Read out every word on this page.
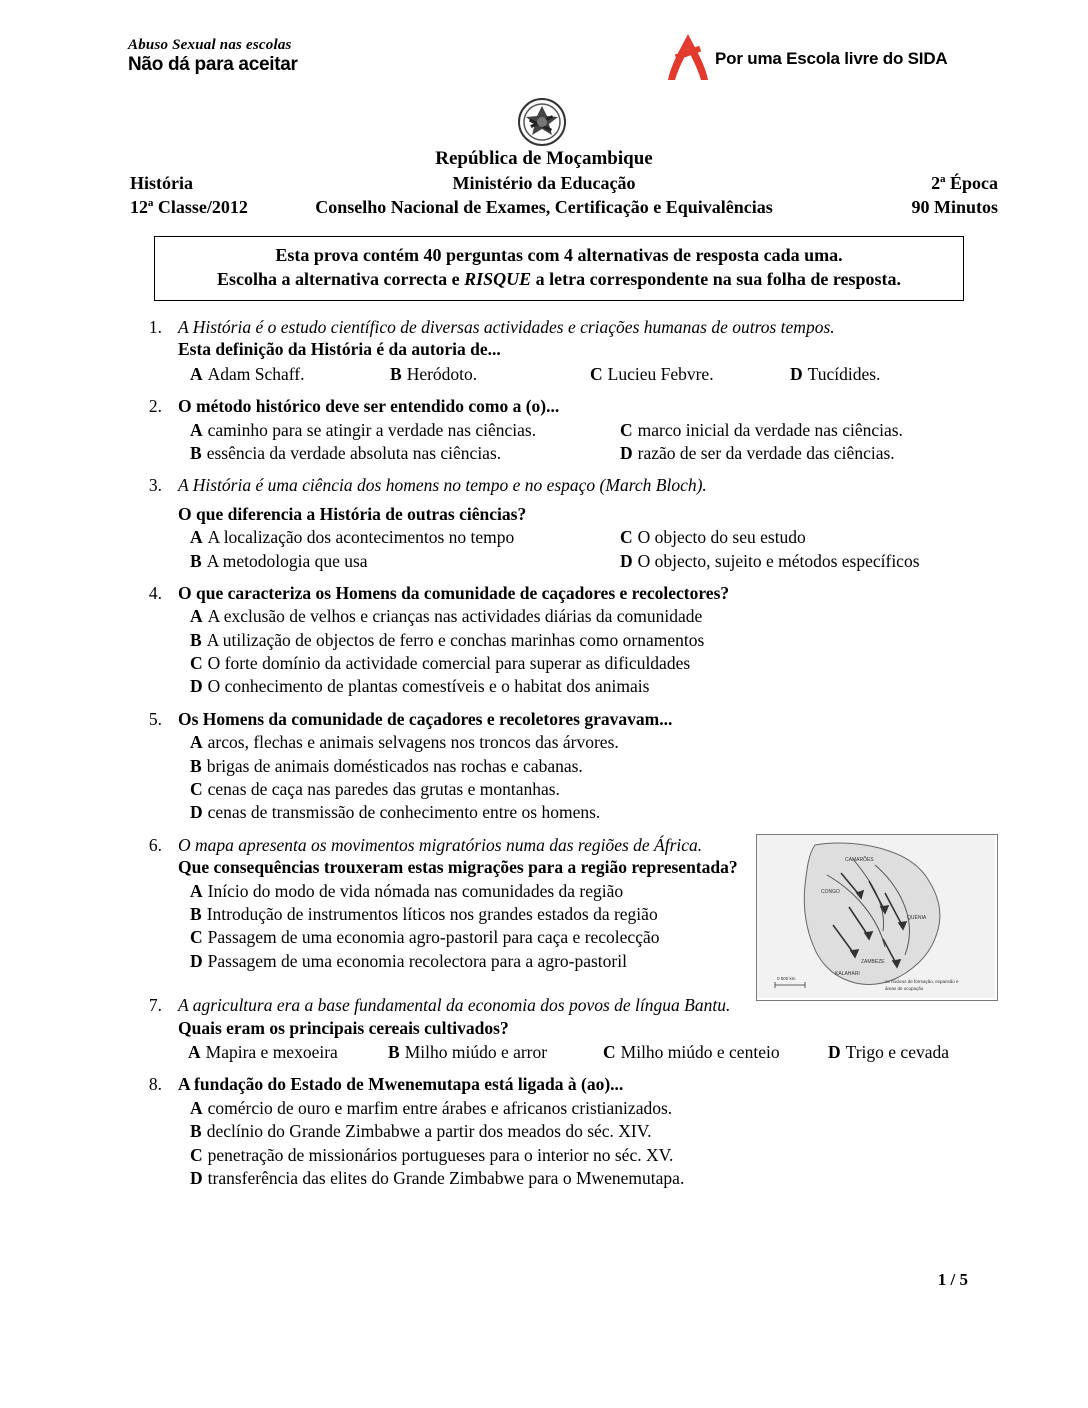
Abuso Sexual nas escolas
Não dá para aceitar	Por uma Escola livre do SIDA
República de Moçambique
História	Ministério da Educação	2ª Época
12ª Classe/2012	Conselho Nacional de Exames, Certificação e Equivalências	90 Minutos
Esta prova contém 40 perguntas com 4 alternativas de resposta cada uma.
Escolha a alternativa correcta e RISQUE a letra correspondente na sua folha de resposta.
1. A História é o estudo científico de diversas actividades e criações humanas de outros tempos.
Esta definição da História é da autoria de...
A Adam Schaff.	B Heródoto.	C Lucieu Febvre.	D Tucídides.
2. O método histórico deve ser entendido como a (o)...
A caminho para se atingir a verdade nas ciências.	C marco inicial da verdade nas ciências.
B essência da verdade absoluta nas ciências.	D razão de ser da verdade das ciências.
3. A História é uma ciência dos homens no tempo e no espaço (March Bloch).
O que diferencia a História de outras ciências?
A A localização dos acontecimentos no tempo	C O objecto do seu estudo
B A metodologia que usa	D O objecto, sujeito e métodos específicos
4. O que caracteriza os Homens da comunidade de caçadores e recolectores?
A A exclusão de velhos e crianças nas actividades diárias da comunidade
B A utilização de objectos de ferro e conchas marinhas como ornamentos
C O forte domínio da actividade comercial para superar as dificuldades
D O conhecimento de plantas comestíveis e o habitat dos animais
5. Os Homens da comunidade de caçadores e recoletores gravavam...
A arcos, flechas e animais selvagens nos troncos das árvores.
B brigas de animais domésticados nas rochas e cabanas.
C cenas de caça nas paredes das grutas e montanhas.
D cenas de transmissão de conhecimento entre os homens.
6. O mapa apresenta os movimentos migratórios numa das regiões de África.
Que consequências trouxeram estas migrações para a região representada?
A Início do modo de vida nómada nas comunidades da região
B Introdução de instrumentos líticos nos grandes estados da região
C Passagem de uma economia agro-pastoril para caça e recolecção
D Passagem de uma economia recolectora para a agro-pastoril
CAMARÕES
CONGO
QUÉNIA
ZAMBEZE
KALAHARI
os núcleos de formação, expansão e
áreas de ocupação
0 500 km
7. A agricultura era a base fundamental da economia dos povos de língua Bantu.
Quais eram os principais cereais cultivados?
A Mapira e mexoeira	B Milho miúdo e arror	C Milho miúdo e centeio	D Trigo e cevada
8. A fundação do Estado de Mwenemutapa está ligada à (ao)...
A comércio de ouro e marfim entre árabes e africanos cristianizados.
B declínio do Grande Zimbabwe a partir dos meados do séc. XIV.
C penetração de missionários portugueses para o interior no séc. XV.
D transferência das elites do Grande Zimbabwe para o Mwenemutapa.
1 / 5
